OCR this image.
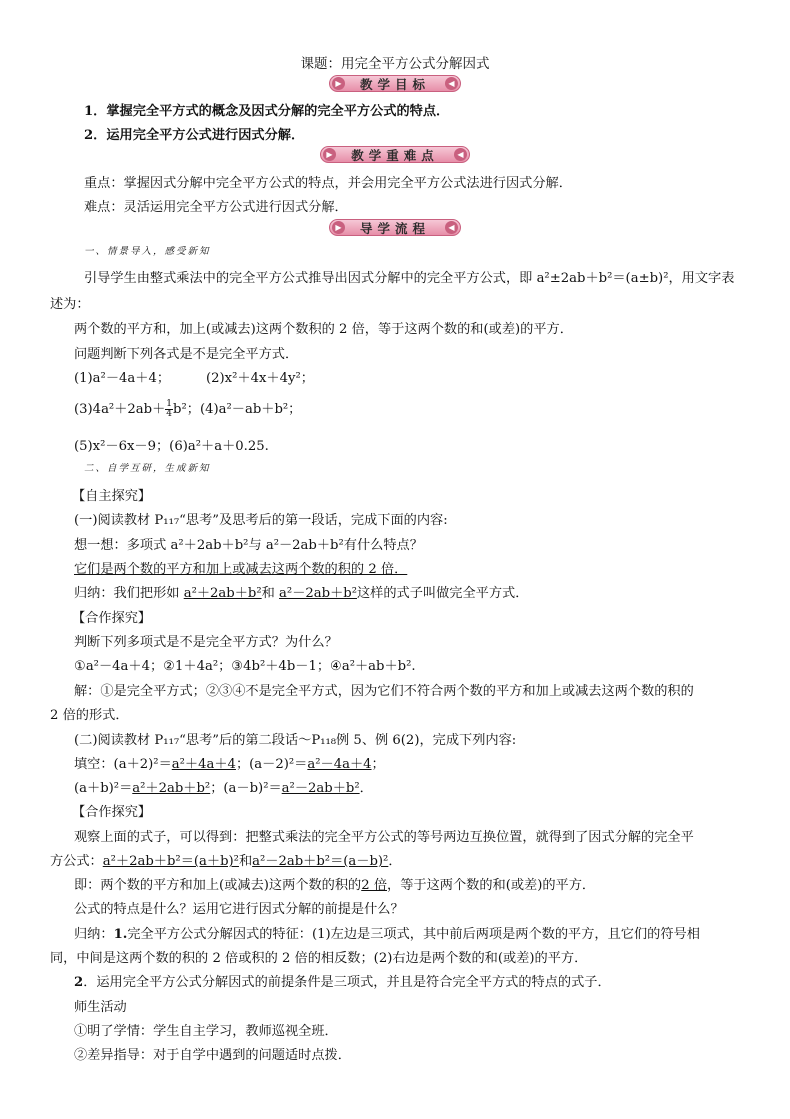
课题：用完全平方公式分解因式
▶ 教学目标	◀
1．掌握完全平方式的概念及因式分解的完全平方公式的特点．
2．运用完全平方公式进行因式分解．
▶ 教学重难点	◀
重点：掌握因式分解中完全平方公式的特点，并会用完全平方公式法进行因式分解．
难点：灵活运用完全平方公式进行因式分解．
▶ 导学流程	◀
一、情景导入，感受新知
引导学生由整式乘法中的完全平方公式推导出因式分解中的完全平方公式，即 a²±2ab＋b²＝(a±b)²，用文字表
述为：
两个数的平方和，加上(或减去)这两个数积的 2 倍，等于这两个数的和(或差)的平方．
问题判断下列各式是不是完全平方式．
(1)a²－4a＋4；	(2)x²＋4x＋4y²；
$(3)4a^2+2ab+ \frac{1}{4} b^2$；(4)a²－ab＋b²；
(5)x²－6x－9；(6)a²＋a＋0.25.
二、自学互研，生成新知
【自主探究】
(一)阅读教材 P₁₁₇“思考”及思考后的第一段话，完成下面的内容:
想一想：多项式 a²＋2ab＋b²与 a²－2ab＋b²有什么特点？
它们是两个数的平方和加上或减去这两个数的积的 2 倍．
归纳：我们把形如 a²＋2ab＋b²和 a²－2ab＋b²这样的式子叫做完全平方式．
【合作探究】
判断下列多项式是不是完全平方式？为什么？
①a²－4a＋4；②1＋4a²；③4b²＋4b－1；④a²＋ab＋b².
解：①是完全平方式；②③④不是完全平方式，因为它们不符合两个数的平方和加上或减去这两个数的积的
2 倍的形式．
(二)阅读教材 P₁₁₇“思考”后的第二段话～P₁₁₈例 5、例 6(2)，完成下列内容:
填空：(a＋2)²＝a²＋4a＋4；(a－2)²＝a²－4a＋4；
(a＋b)²＝a²＋2ab＋b²；(a－b)²＝a²－2ab＋b²．
【合作探究】
观察上面的式子，可以得到：把整式乘法的完全平方公式的等号两边互换位置，就得到了因式分解的完全平
方公式：a²＋2ab＋b²＝(a＋b)²和a²－2ab＋b²＝(a－b)²．
即：两个数的平方和加上(或减去)这两个数的积的2 倍，等于这两个数的和(或差)的平方．
公式的特点是什么？运用它进行因式分解的前提是什么？
归纳：1.完全平方公式分解因式的特征：(1)左边是三项式，其中前后两项是两个数的平方，且它们的符号相
同，中间是这两个数的积的 2 倍或积的 2 倍的相反数；(2)右边是两个数的和(或差)的平方．
2．运用完全平方公式分解因式的前提条件是三项式，并且是符合完全平方式的特点的式子．
师生活动
①明了学情：学生自主学习，教师巡视全班．
②差异指导：对于自学中遇到的问题适时点拨．
